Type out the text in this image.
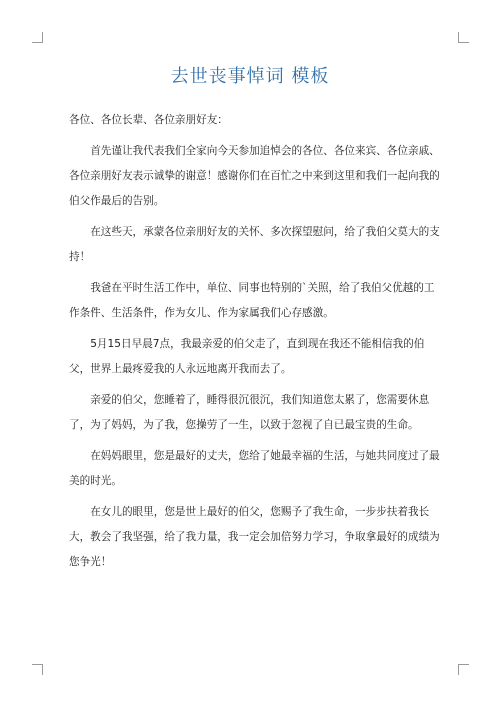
去世丧事悼词 模板

各位、各位长辈、各位亲朋好友：

首先谨让我代表我们全家向今天参加追悼会的各位、各位来宾、各位亲戚、各位亲朋好友表示诚挚的谢意！感谢你们在百忙之中来到这里和我们一起向我的伯父作最后的告别。

在这些天，承蒙各位亲朋好友的关怀、多次探望慰问，给了我伯父莫大的支持！

我爸在平时生活工作中，单位、同事也特别的`关照，给了我伯父优越的工作条件、生活条件，作为女儿、作为家属我们心存感激。

5月15日早晨7点，我最亲爱的伯父走了，直到现在我还不能相信我的伯父，世界上最疼爱我的人永远地离开我而去了。

亲爱的伯父，您睡着了，睡得很沉很沉，我们知道您太累了，您需要休息了，为了妈妈，为了我，您操劳了一生，以致于忽视了自已最宝贵的生命。

在妈妈眼里，您是最好的丈夫，您给了她最幸福的生活，与她共同度过了最美的时光。

在女儿的眼里，您是世上最好的伯父，您赐予了我生命，一步步扶着我长大，教会了我坚强，给了我力量，我一定会加倍努力学习，争取拿最好的成绩为您争光！
